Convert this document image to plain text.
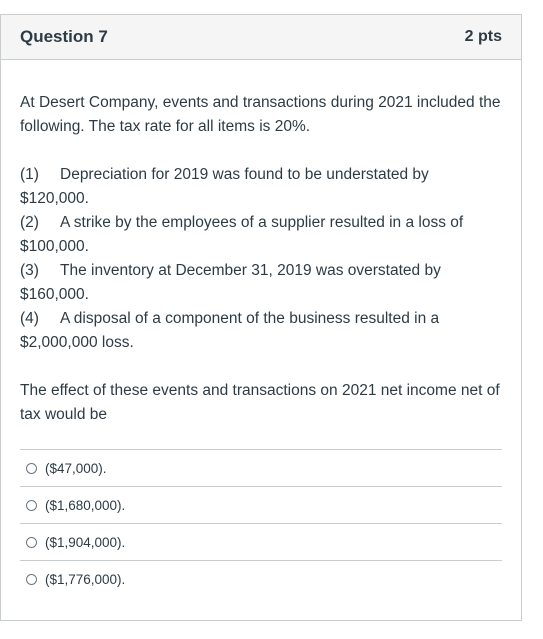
Question 7	2 pts

At Desert Company, events and transactions during 2021 included the following. The tax rate for all items is 20%.

(1) Depreciation for 2019 was found to be understated by
$120,000.

(2) A strike by the employees of a supplier resulted in a loss of
$100,000.

(3) The inventory at December 31, 2019 was overstated by
$160,000.

(4) A disposal of a component of the business resulted in a
$2,000,000 loss.

The effect of these events and transactions on 2021 net income net of tax would be

($47,000).
($1,680,000).
($1,904,000).
($1,776,000).
